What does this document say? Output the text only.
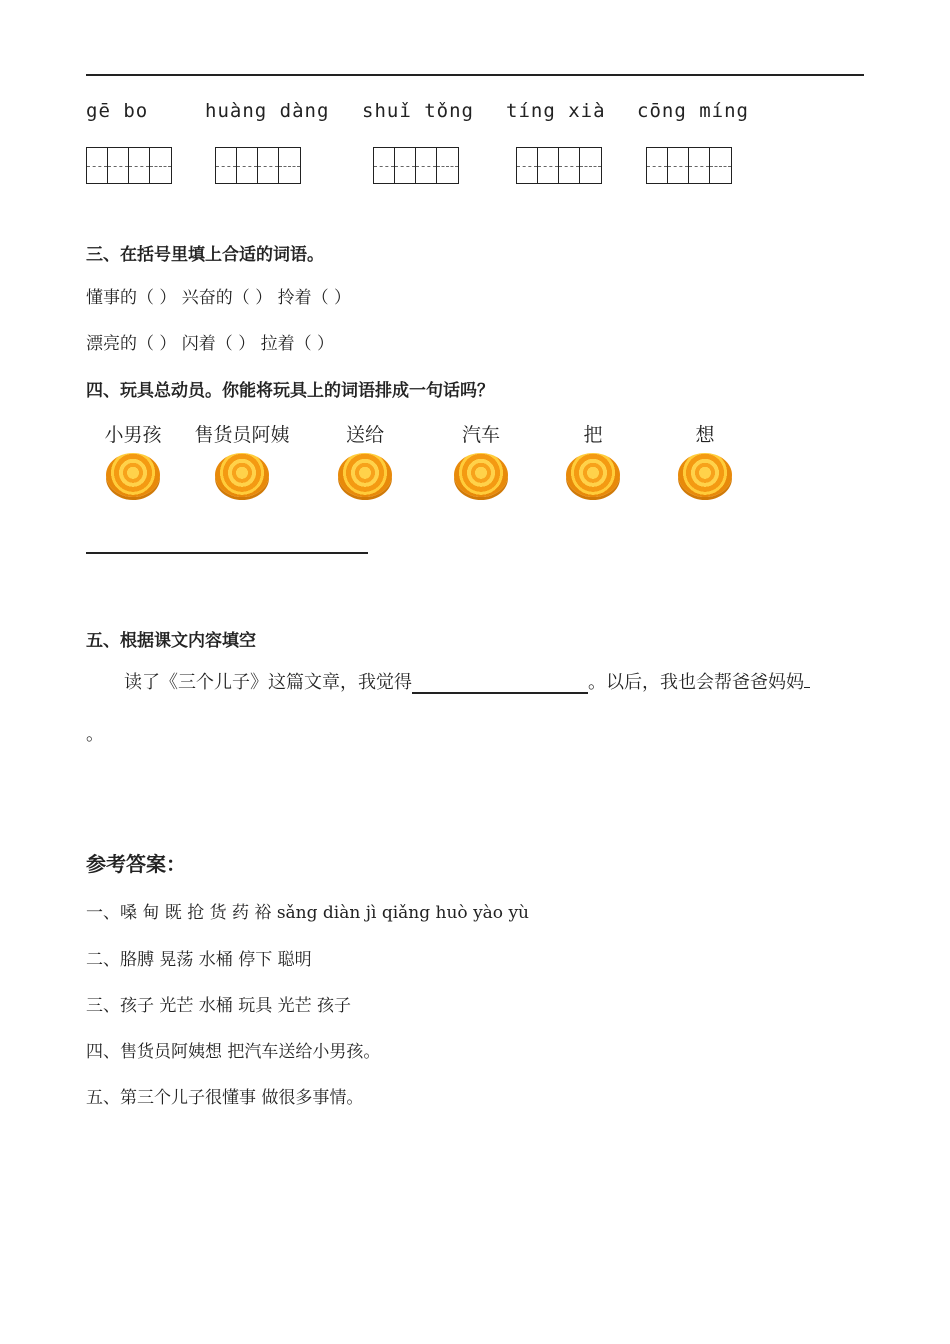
gē bo	huàng dàng shuǐ tǒng tíng xià cōng míng
三、在括号里填上合适的词语。
懂事的（ ） 兴奋的（ ） 拎着（ ）
漂亮的（ ） 闪着（ ） 拉着（ ）
四、玩具总动员。你能将玩具上的词语排成一句话吗？
小男孩	售货员阿姨	送给	汽车	把	想
五、根据课文内容填空
读了《三个儿子》这篇文章，我觉得	。以后，我也会帮爸爸妈妈
。
参考答案：
一、嗓 甸 既 抢 货 药 裕 sǎng diàn jì qiǎng huò yào yù
二、胳膊 晃荡 水桶 停下 聪明
三、孩子 光芒 水桶 玩具 光芒 孩子
四、售货员阿姨想 把汽车送给小男孩。
五、第三个儿子很懂事 做很多事情。
